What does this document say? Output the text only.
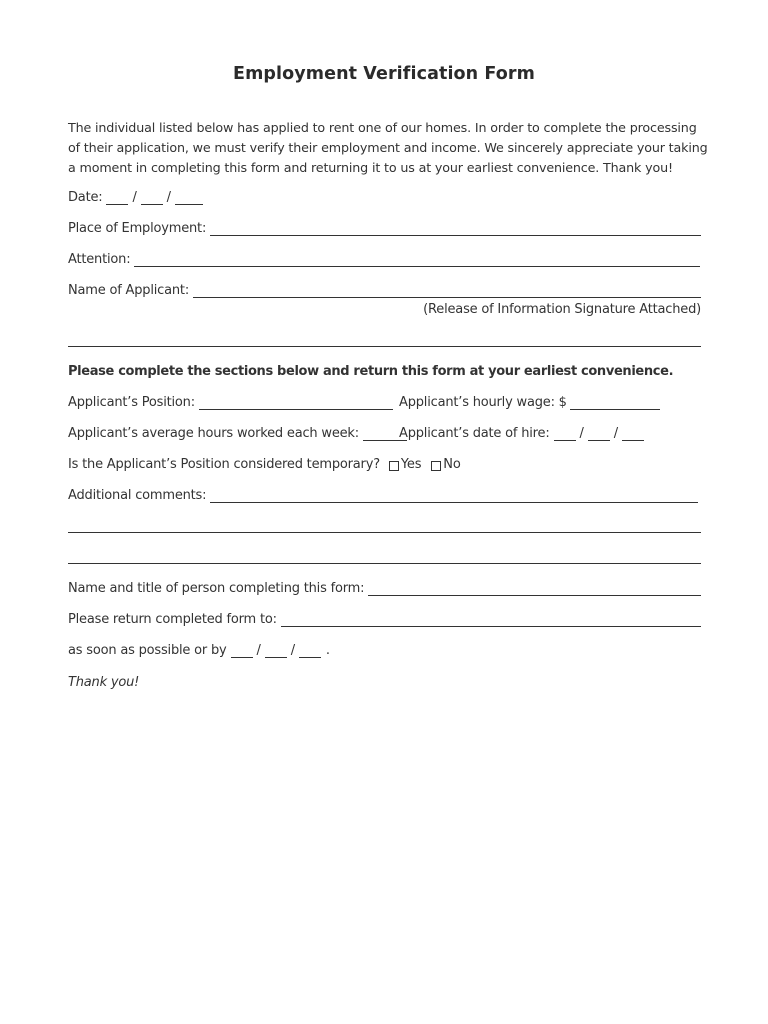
Employment Verification Form

The individual listed below has applied to rent one of our homes. In order to complete the processing of their application, we must verify their employment and income. We sincerely appreciate your taking a moment in completing this form and returning it to us at your earliest convenience. Thank you!

Date: / /
Place of Employment:
Attention:
Name of Applicant:
(Release of Information Signature Attached)
Please complete the sections below and return this form at your earliest convenience.
Applicant’s Position:	Applicant’s hourly wage: $
Applicant’s average hours worked each week:	Applicant’s date of hire: / /
Is the Applicant’s Position considered temporary? Yes No
Additional comments:
Name and title of person completing this form:
Please return completed form to:
as soon as possible or by / / .
Thank you!
